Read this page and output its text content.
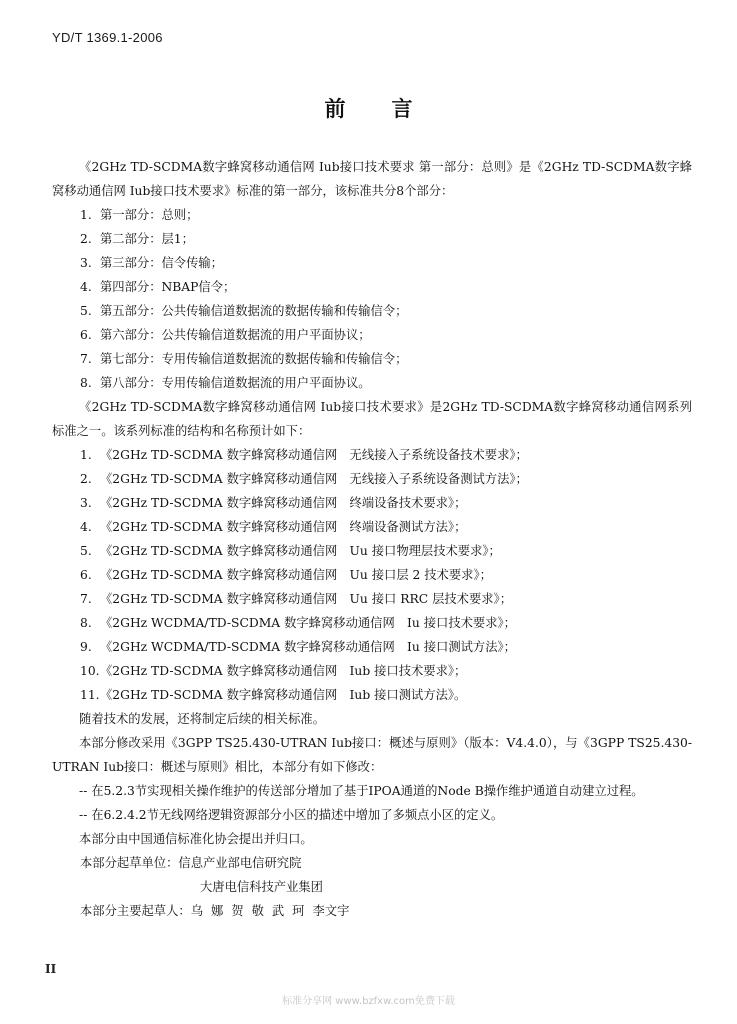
YD/T 1369.1-2006
前言

《2GHz TD-SCDMA数字蜂窝移动通信网 Iub接口技术要求 第一部分：总则》是《2GHz TD-SCDMA数字蜂窝移动通信网 Iub接口技术要求》标准的第一部分，该标准共分8个部分：

1. 第一部分：总则；
2. 第二部分：层1；
3. 第三部分：信令传输；
4. 第四部分：NBAP信令；
5. 第五部分：公共传输信道数据流的数据传输和传输信令；
6. 第六部分：公共传输信道数据流的用户平面协议；
7. 第七部分：专用传输信道数据流的数据传输和传输信令；
8. 第八部分：专用传输信道数据流的用户平面协议。

《2GHz TD-SCDMA数字蜂窝移动通信网 Iub接口技术要求》是2GHz TD-SCDMA数字蜂窝移动通信网系列标准之一。该系列标准的结构和名称预计如下：

1. 《2GHz TD-SCDMA 数字蜂窝移动通信网　无线接入子系统设备技术要求》；
2. 《2GHz TD-SCDMA 数字蜂窝移动通信网　无线接入子系统设备测试方法》；
3. 《2GHz TD-SCDMA 数字蜂窝移动通信网　终端设备技术要求》；
4. 《2GHz TD-SCDMA 数字蜂窝移动通信网　终端设备测试方法》；
5. 《2GHz TD-SCDMA 数字蜂窝移动通信网　Uu 接口物理层技术要求》；
6. 《2GHz TD-SCDMA 数字蜂窝移动通信网　Uu 接口层 2 技术要求》；
7. 《2GHz TD-SCDMA 数字蜂窝移动通信网　Uu 接口 RRC 层技术要求》；
8. 《2GHz WCDMA/TD-SCDMA 数字蜂窝移动通信网　Iu 接口技术要求》；
9. 《2GHz WCDMA/TD-SCDMA 数字蜂窝移动通信网　Iu 接口测试方法》；
10.《2GHz TD-SCDMA 数字蜂窝移动通信网　Iub 接口技术要求》；
11.《2GHz TD-SCDMA 数字蜂窝移动通信网　Iub 接口测试方法》。

随着技术的发展，还将制定后续的相关标准。

本部分修改采用《3GPP TS25.430-UTRAN Iub接口：概述与原则》（版本：V4.4.0），与《3GPP TS25.430-UTRAN Iub接口：概述与原则》相比，本部分有如下修改：

-- 在5.2.3节实现相关操作维护的传送部分增加了基于IPOA通道的Node B操作维护通道自动建立过程。

-- 在6.2.4.2节无线网络逻辑资源部分小区的描述中增加了多频点小区的定义。

本部分由中国通信标准化协会提出并归口。

本部分起草单位：信息产业部电信研究院
大唐电信科技产业集团
本部分主要起草人：乌娜贺敬武珂李文宇
II
标准分享网 www.bzfxw.com免费下载
